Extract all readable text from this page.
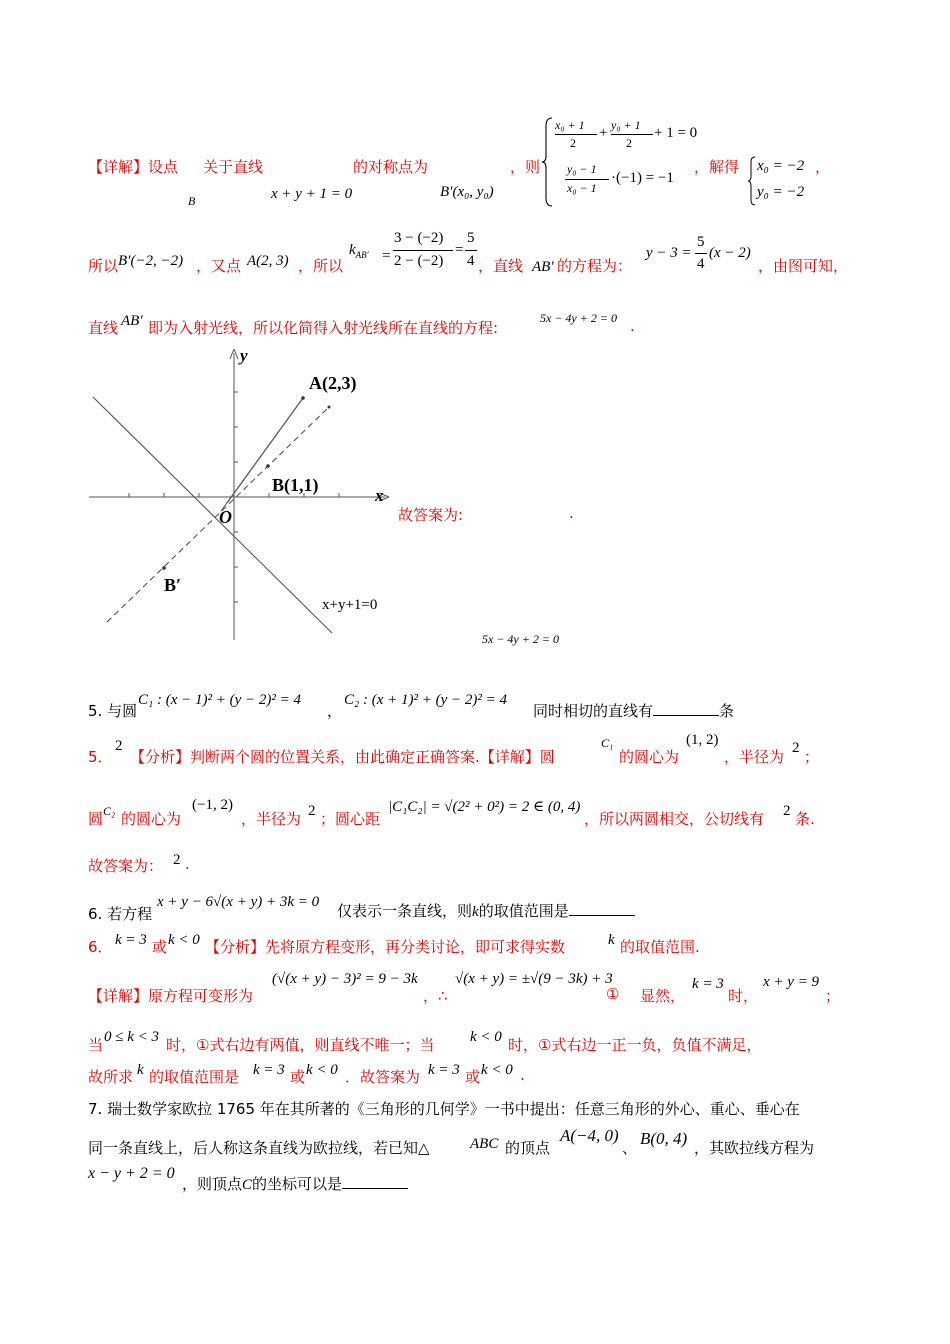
【详解】设点 关于直线	的对称点为	，则	，解得
B	x + y + 1 = 0	B′(x₀, y₀)
x₀ + 1
2
+ y₀ + 1
2
+ 1 = 0
y₀ − 1
x₀ − 1
·(−1) = −1
x₀ = −2
y₀ = −2
，
所以 B′(−2, −2) ，又点 A(2, 3) ，所以
$k_{AB'}$ =
3 − (−2)
2 − (−2)
=
5
4 ，直线 AB′ 的方程为：
y − 3 =
5
4
(x − 2)
，由图可知，
直线 AB′ 即为入射光线，所以化简得入射光线所在直线的方程:
5x − 4y + 2 = 0 .
y
x
A(2,3)
B(1,1)
O
B′
x+y+1=0
故答案为:	.
5x − 4y + 2 = 0
5. 与圆
C₁ : (x − 1)² + (y − 2)² = 4
，
C₂ : (x + 1)² + (y − 2)² = 4
同时相切的直线有	条
5．
2
【分析】判断两个圆的位置关系，由此确定正确答案.【详解】圆
C₁
的圆心为
(1, 2)
，半径为 2 ；
圆 C₂ 的圆心为
(−1, 2)
，半径为 2 ；圆心距
|C₁C₂| = √(2² + 0²) = 2 ∈ (0, 4)
，所以两圆相交，公切线有 2 条.
故答案为： 2 .
6. 若方程
x + y − 6√(x + y) + 3k = 0 仅表示一条直线，则k的取值范围是
6． k = 3 或 k < 0 【分析】先将原方程变形，再分类讨论，即可求得实数	k 的取值范围.
【详解】原方程可变形为
(√(x + y) − 3)² = 9 − 3k
，∴
√(x + y) = ±√(9 − 3k) + 3
① 显然，
k = 3
时，
x + y = 9
；
当 0 ≤ k < 3 时，①式右边有两值，则直线不唯一；当 k < 0 时，①式右边一正一负，负值不满足，
故所求 k 的取值范围是 k = 3 或 k < 0 ．故答案为 k = 3 或 k < 0 .
7. 瑞士数学家欧拉 1765 年在其所著的《三角形的几何学》一书中提出：任意三角形的外心、重心、垂心在
同一条直线上，后人称这条直线为欧拉线，若已知△	ABC 的顶点
A(−4, 0)
、 B(0, 4) ，其欧拉线方程为
x − y + 2 = 0
，则顶点C的坐标可以是
